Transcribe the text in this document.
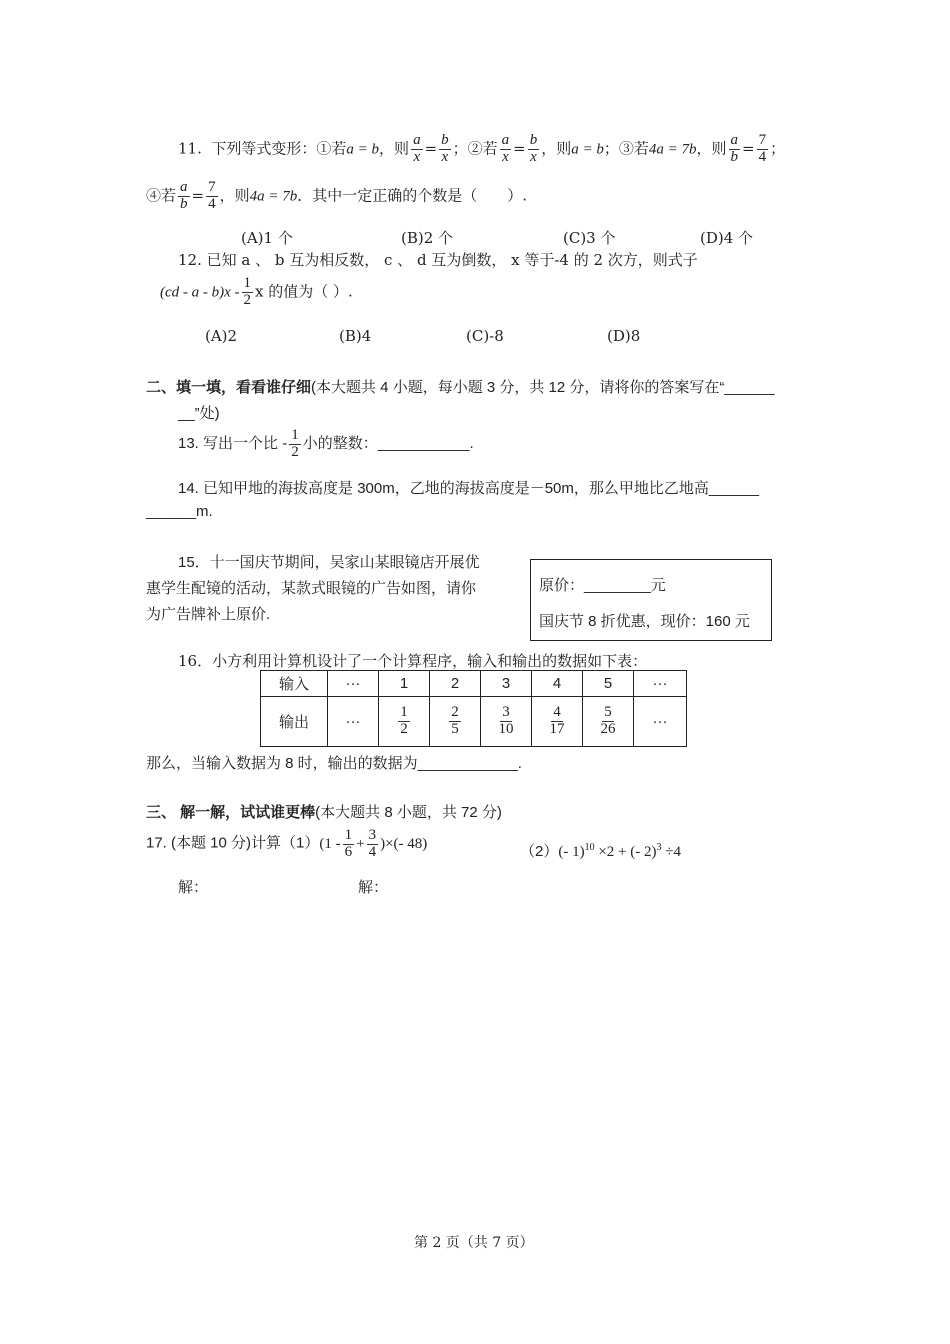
11. 下列等式变形：①若a = b，则 $\frac{a}{x} = \frac{b}{x}$ ；②若 $\frac{a}{x} = \frac{b}{x}$ ，则a = b；③若4a = 7b，则 $\frac{a}{b} = \frac{7}{4}$ ；
④若 $\frac{a}{b} = \frac{7}{4}$ ，则4a = 7b．其中一定正确的个数是（　　）.
(A)1 个	(B)2 个	(C)3 个	(D)4 个
12. 已知 a 、 b 互为相反数， c 、 d 互为倒数， x 等于-4 的 2 次方，则式子
(cd - a - $b)x - \frac{1}{2}$ x 的值为（ ）.
(A)2	(B)4	(C)-8	(D)8
二、填一填，看看谁仔细(本大题共 4 小题，每小题 3 分，共 12 分，请将你的答案写在“______
__”处)
13. 写出一个比 - $\frac{1}{2}$ 小的整数：___________.
14. 已知甲地的海拔高度是 300m，乙地的海拔高度是－50m，那么甲地比乙地高______
______m.
15．十一国庆节期间，吴家山某眼镜店开展优
惠学生配镜的活动，某款式眼镜的广告如图，请你
为广告牌补上原价.
原价：________元
国庆节 8 折优惠，现价：160 元
16．小方利用计算机设计了一个计算程序，输入和输出的数据如下表：
输入	···	1	2	3	4	5	···
输出	···	$\frac{1}{2}$	$\frac{2}{5}$	$\frac{3}{10}$	$\frac{4}{17}$	$\frac{5}{26}$	···
那么，当输入数据为 8 时，输出的数据为____________.
三、 解一解，试试谁更棒(本大题共 8 小题，共 72 分)
17. (本题 10 分)计算$(1)(1 - \frac{1}{6} + \frac{3}{4}$ )×(- 48)	（2）(- 1)$^{10}$ ×2 + (- 2)$^3$ ÷4
解：	解：
第 2 页（共 7 页）
